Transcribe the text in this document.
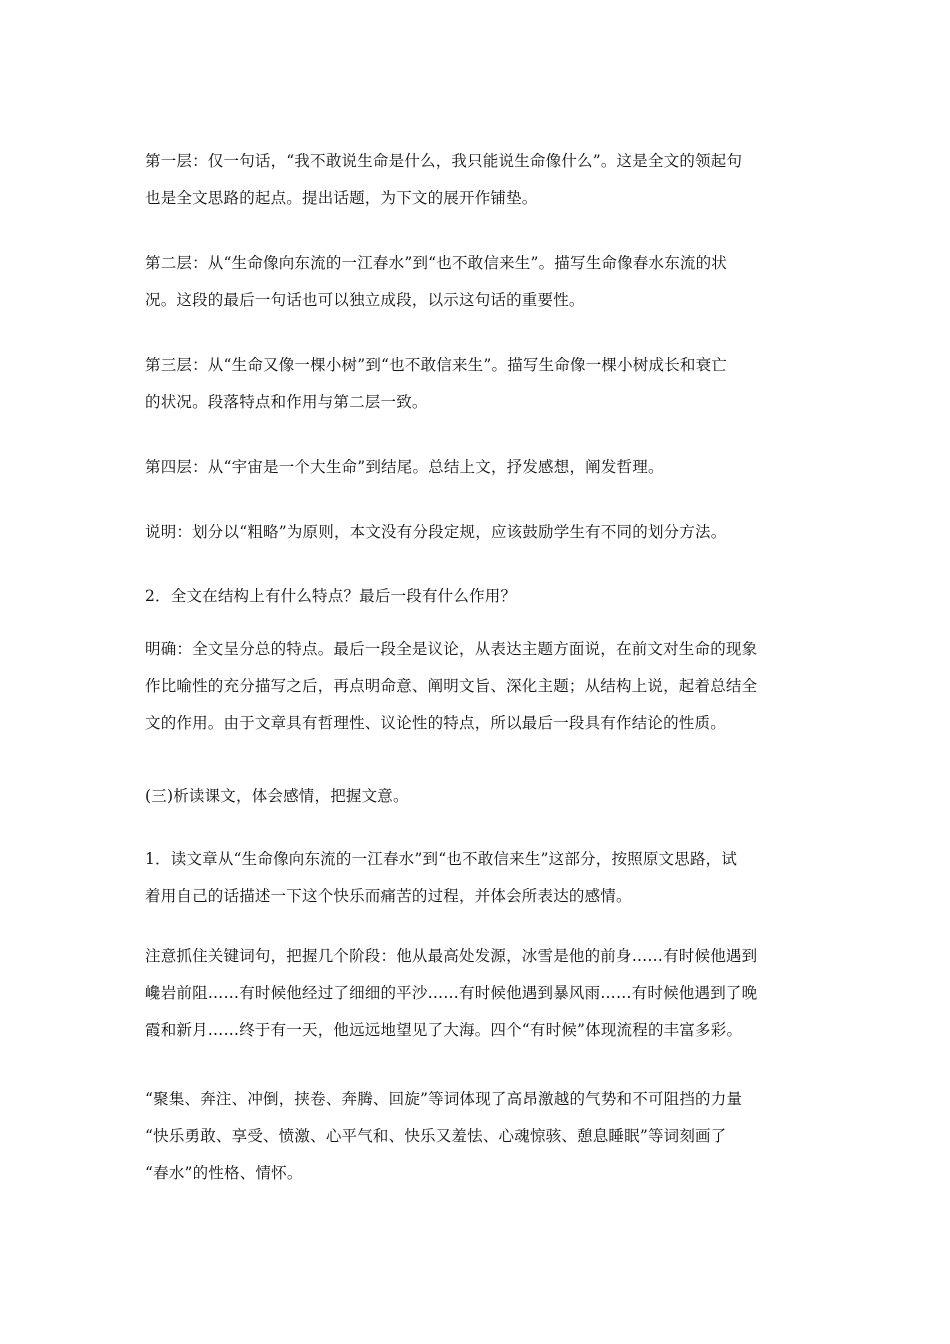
第一层：仅一句话，“我不敢说生命是什么，我只能说生命像什么”。这是全文的领起句
也是全文思路的起点。提出话题，为下文的展开作铺垫。
第二层：从“生命像向东流的一江春水”到“也不敢信来生”。描写生命像春水东流的状
况。这段的最后一句话也可以独立成段，以示这句话的重要性。
第三层：从“生命又像一棵小树”到“也不敢信来生”。描写生命像一棵小树成长和衰亡
的状况。段落特点和作用与第二层一致。
第四层：从“宇宙是一个大生命”到结尾。总结上文，抒发感想，阐发哲理。
说明：划分以“粗略”为原则，本文没有分段定规，应该鼓励学生有不同的划分方法。
2．全文在结构上有什么特点？最后一段有什么作用？
明确：全文呈分总的特点。最后一段全是议论，从表达主题方面说，在前文对生命的现象
作比喻性的充分描写之后，再点明命意、阐明文旨、深化主题；从结构上说，起着总结全
文的作用。由于文章具有哲理性、议论性的特点，所以最后一段具有作结论的性质。
(三)析读课文，体会感情，把握文意。
1．读文章从“生命像向东流的一江春水”到“也不敢信来生”这部分，按照原文思路，试
着用自己的话描述一下这个快乐而痛苦的过程，并体会所表达的感情。
注意抓住关键词句，把握几个阶段：他从最高处发源，冰雪是他的前身……有时候他遇到
巉岩前阻……有时候他经过了细细的平沙……有时候他遇到暴风雨……有时候他遇到了晚
霞和新月……终于有一天，他远远地望见了大海。四个“有时候”体现流程的丰富多彩。
“聚集、奔注、冲倒，挟卷、奔腾、回旋”等词体现了高昂激越的气势和不可阻挡的力量
“快乐勇敢、享受、愤激、心平气和、快乐又羞怯、心魂惊骇、憩息睡眠”等词刻画了
“春水”的性格、情怀。
